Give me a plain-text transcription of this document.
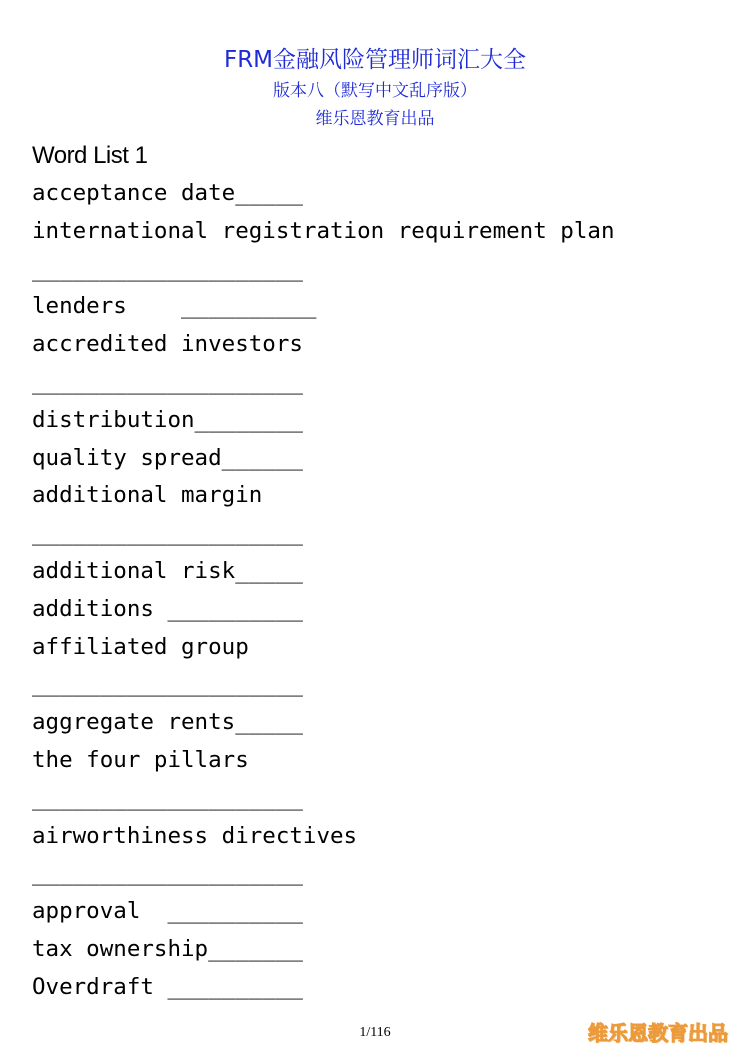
FRM金融风险管理师词汇大全
版本八（默写中文乱序版）
维乐恩教育出品
Word List 1
acceptance date_____
international registration requirement plan
____________________
lenders    __________
accredited investors
____________________
distribution________
quality spread______
additional margin
____________________
additional risk_____
additions __________
affiliated group
____________________
aggregate rents_____
the four pillars
____________________
airworthiness directives
____________________
approval  __________
tax ownership_______
Overdraft __________
1/116	维乐恩教育出品
